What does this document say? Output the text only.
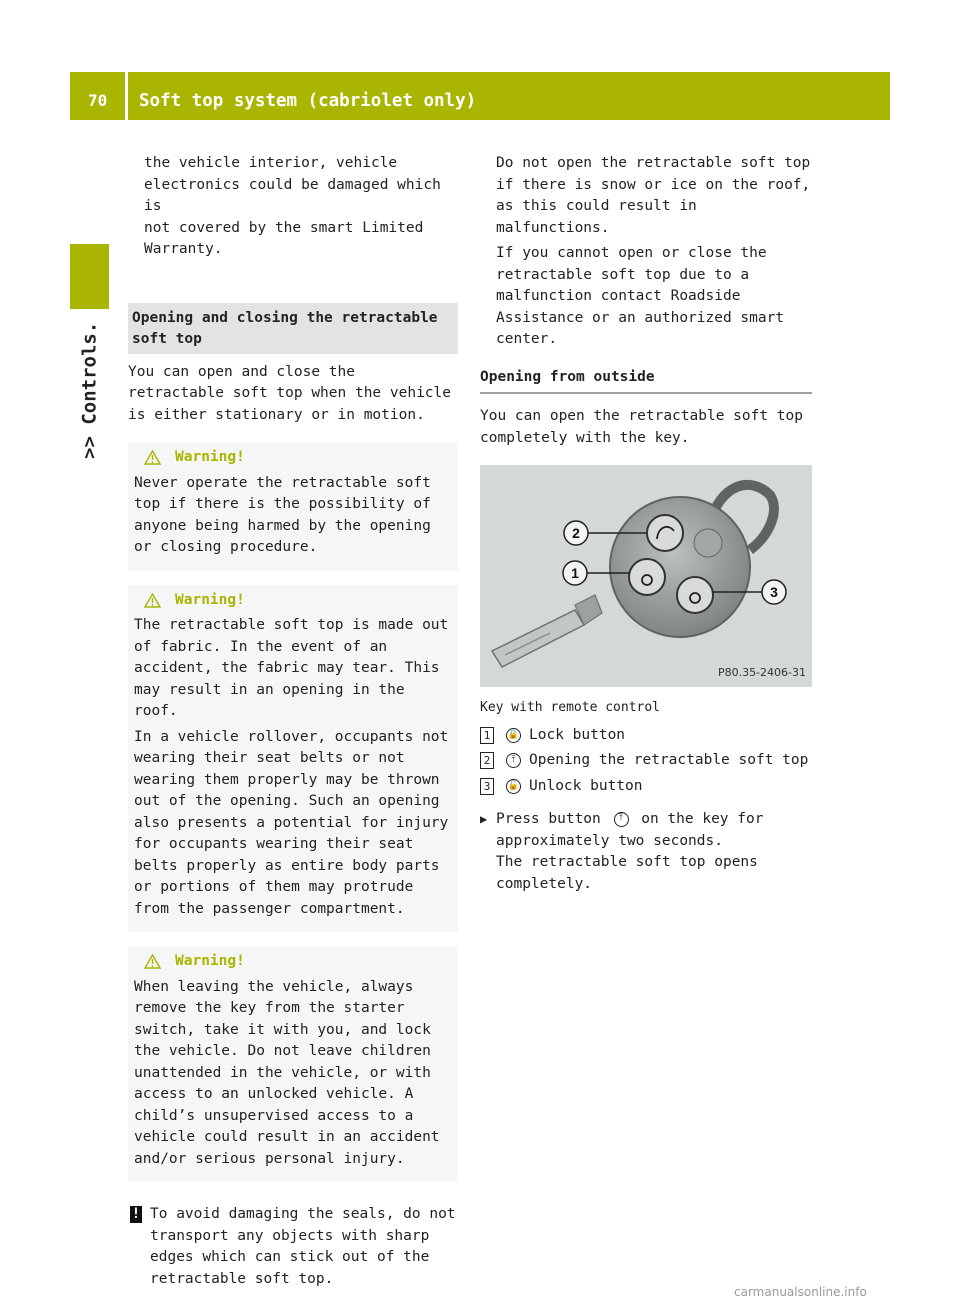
70	Soft top system (cabriolet only)
>> Controls.
the vehicle interior, vehicle
electronics could be damaged which is
not covered by the smart Limited
Warranty.
Opening and closing the retractable
soft top

You can open and close the retractable soft top when the vehicle is either stationary or in motion.

Warning!

Never operate the retractable soft top if there is the possibility of anyone being harmed by the opening or closing procedure.

Warning!

The retractable soft top is made out of fabric. In the event of an accident, the fabric may tear. This may result in an opening in the roof.

In a vehicle rollover, occupants not wearing their seat belts or not wearing them properly may be thrown out of the opening. Such an opening also presents a potential for injury for occupants wearing their seat belts properly as entire body parts or portions of them may protrude from the passenger compartment.

Warning!

When leaving the vehicle, always remove the key from the starter switch, take it with you, and lock the vehicle. Do not leave children unattended in the vehicle, or with access to an unlocked vehicle. A child’s unsupervised access to a vehicle could result in an accident and/or serious personal injury.

! To avoid damaging the seals, do not transport any objects with sharp edges which can stick out of the retractable soft top.

Do not open the retractable soft top if there is snow or ice on the roof, as this could result in malfunctions.

If you cannot open or close the retractable soft top due to a malfunction contact Roadside Assistance or an authorized smart center.

Opening from outside

You can open the retractable soft top completely with the key.

2
1
3
P80.35-2406-31
Key with remote control
1	🔒 Lock button
2	⤒ Opening the retractable soft top
3	🔓 Unlock button
▶ Press button ⤒ on the key for approximately two seconds.
The retractable soft top opens completely.
carmanualsonline.info
